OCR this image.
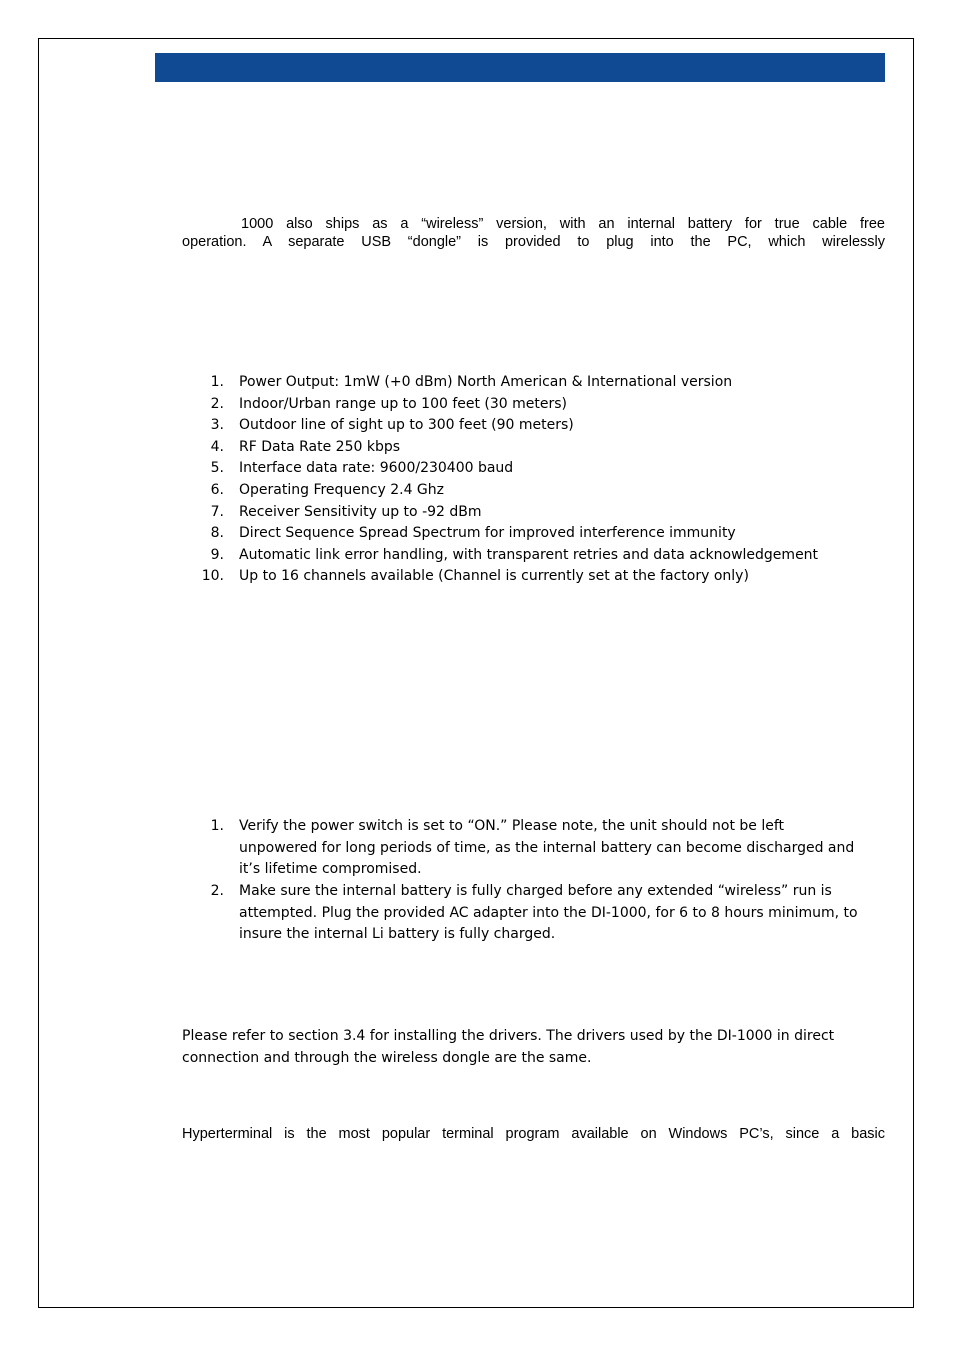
1000 also ships as a “wireless” version, with an internal battery for true cable free
operation. A separate USB “dongle” is provided to plug into the PC, which wirelessly
1. Power Output: 1mW (+0 dBm) North American & International version
2. Indoor/Urban range up to 100 feet (30 meters)
3. Outdoor line of sight up to 300 feet (90 meters)
4. RF Data Rate 250 kbps
5. Interface data rate: 9600/230400 baud
6. Operating Frequency 2.4 Ghz
7. Receiver Sensitivity up to -92 dBm
8. Direct Sequence Spread Spectrum for improved interference immunity
9. Automatic link error handling, with transparent retries and data acknowledgement
10. Up to 16 channels available (Channel is currently set at the factory only)
1. Verify the power switch is set to “ON.” Please note, the unit should not be left
unpowered for long periods of time, as the internal battery can become discharged and
it’s lifetime compromised.
2. Make sure the internal battery is fully charged before any extended “wireless” run is
attempted. Plug the provided AC adapter into the DI-1000, for 6 to 8 hours minimum, to
insure the internal Li battery is fully charged.
Please refer to section 3.4 for installing the drivers. The drivers used by the DI-1000 in direct
connection and through the wireless dongle are the same.
Hyperterminal is the most popular terminal program available on Windows PC’s, since a basic
